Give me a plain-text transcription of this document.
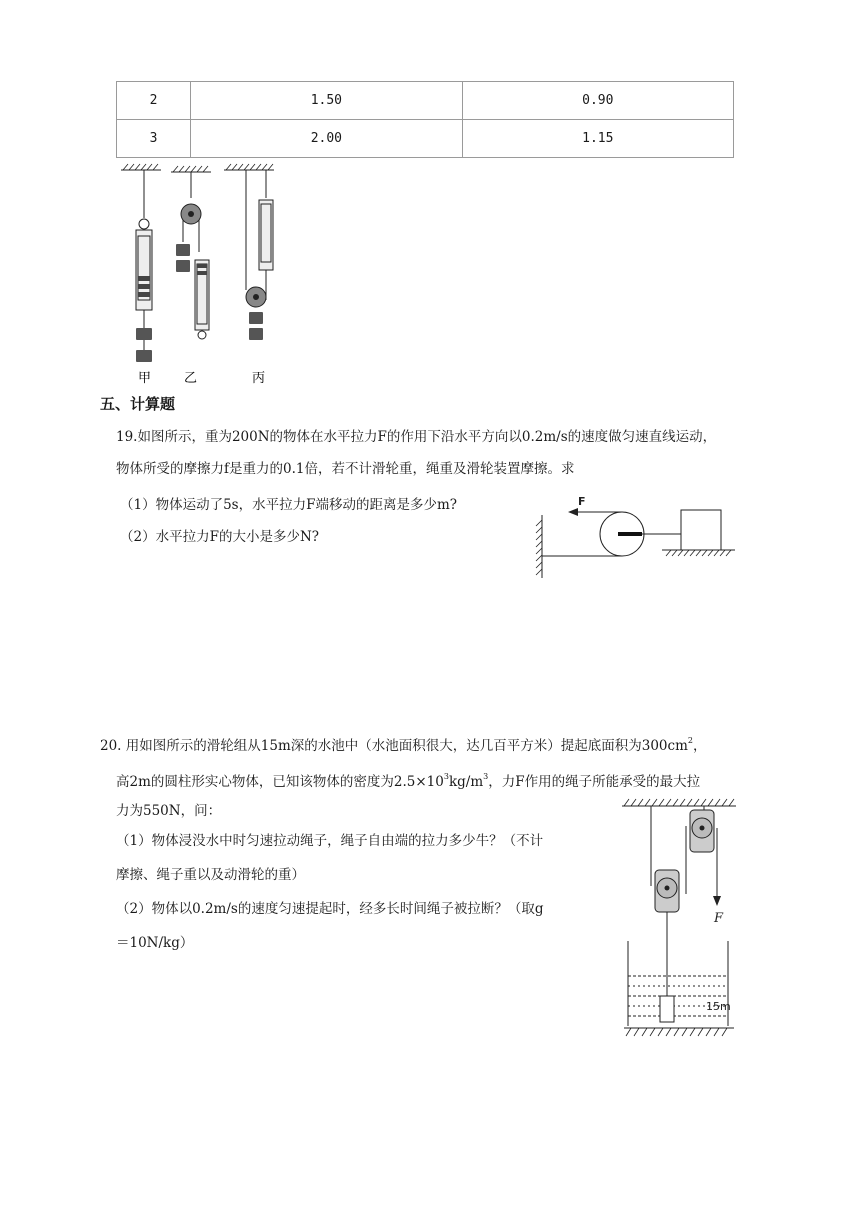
2	1.50	0.90
3	2.00	1.15
甲	乙	丙
五、计算题
19.如图所示，重为200N的物体在水平拉力F的作用下沿水平方向以0.2m/s的速度做匀速直线运动，
物体所受的摩擦力f是重力的0.1倍，若不计滑轮重，绳重及滑轮装置摩擦。求
（1）物体运动了5s，水平拉力F端移动的距离是多少m?
（2）水平拉力F的大小是多少N?
F
20. 用如图所示的滑轮组从15m深的水池中（水池面积很大，达几百平方米）提起底面积为$300cm^2$，
高2m的圆柱形实心物体，已知该物体的密度为$2.5\times 10^3kg/m^3$，力F作用的绳子所能承受的最大拉
力为550N，问：
（1）物体浸没水中时匀速拉动绳子，绳子自由端的拉力多少牛？（不计
摩擦、绳子重以及动滑轮的重）
（2）物体以0.2m/s的速度匀速提起时，经多长时间绳子被拉断？（取g
＝10N/kg）
F
15m
